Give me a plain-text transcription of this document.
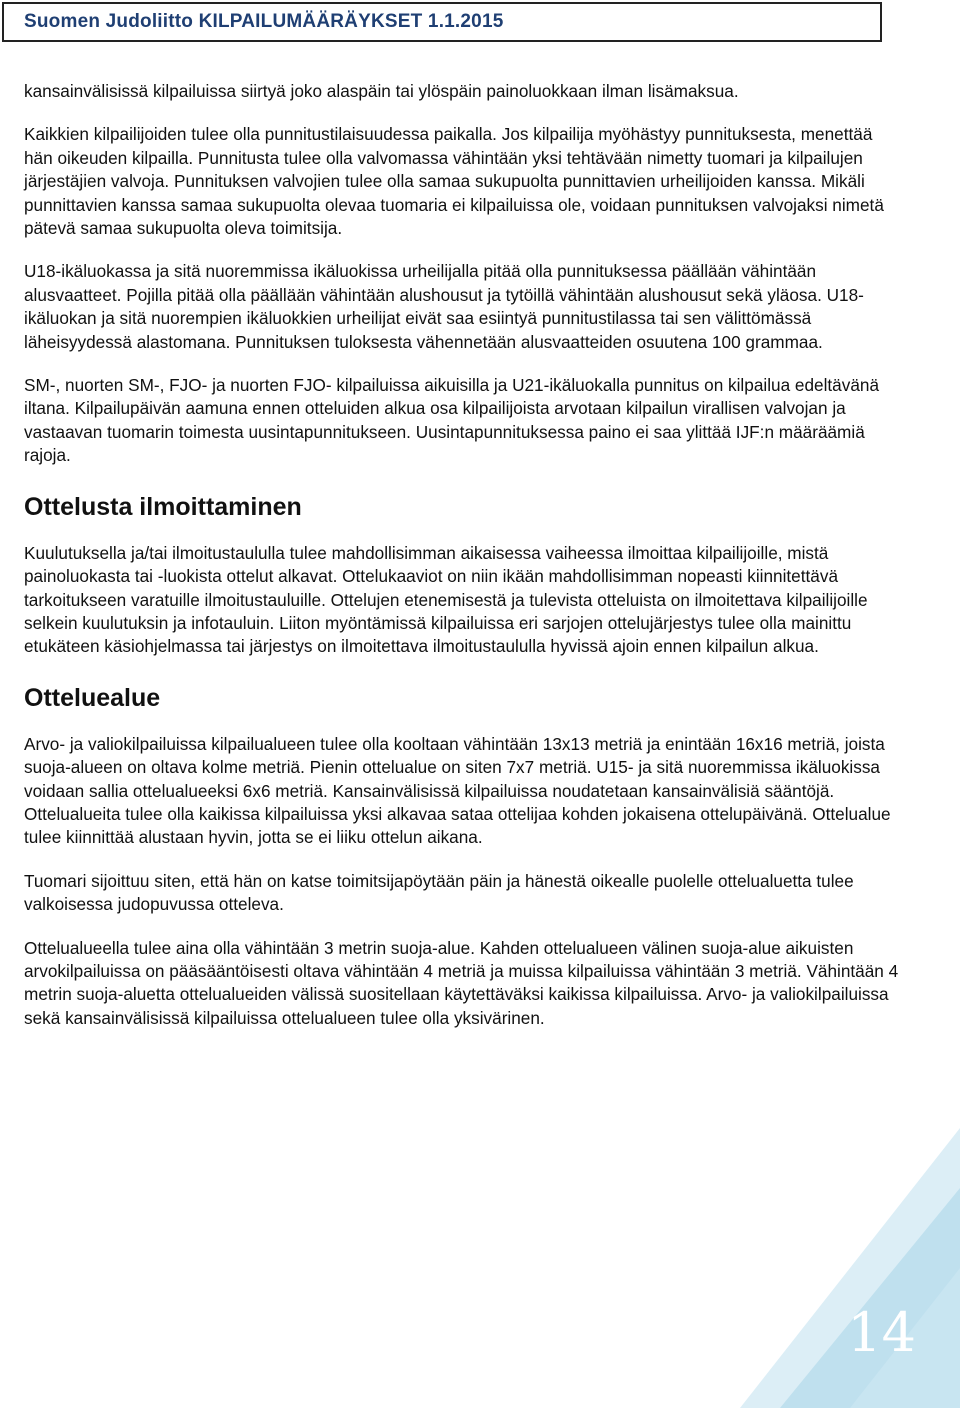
Suomen Judoliitto KILPAILUMÄÄRÄYKSET 1.1.2015

kansainvälisissä kilpailuissa siirtyä joko alaspäin tai ylöspäin painoluokkaan ilman lisämaksua.

Kaikkien kilpailijoiden tulee olla punnitustilaisuudessa paikalla. Jos kilpailija myöhästyy punnituksesta, menettää hän oikeuden kilpailla. Punnitusta tulee olla valvomassa vähintään yksi tehtävään nimetty tuomari ja kilpailujen järjestäjien valvoja. Punnituksen valvojien tulee olla samaa sukupuolta punnittavien urheilijoiden kanssa. Mikäli punnittavien kanssa samaa sukupuolta olevaa tuomaria ei kilpailuissa ole, voidaan punnituksen valvojaksi nimetä pätevä samaa sukupuolta oleva toimitsija.

U18-ikäluokassa ja sitä nuoremmissa ikäluokissa urheilijalla pitää olla punnituksessa päällään vähintään alusvaatteet. Pojilla pitää olla päällään vähintään alushousut ja tytöillä vähintään alushousut sekä yläosa. U18-ikäluokan ja sitä nuorempien ikäluokkien urheilijat eivät saa esiintyä punnitustilassa tai sen välittömässä läheisyydessä alastomana. Punnituksen tuloksesta vähennetään alusvaatteiden osuutena 100 grammaa.

SM-, nuorten SM-, FJO- ja nuorten FJO- kilpailuissa aikuisilla ja U21-ikäluokalla punnitus on kilpailua edeltävänä iltana. Kilpailupäivän aamuna ennen otteluiden alkua osa kilpailijoista arvotaan kilpailun virallisen valvojan ja vastaavan tuomarin toimesta uusintapunnitukseen. Uusintapunnituksessa paino ei saa ylittää IJF:n määräämiä rajoja.

Ottelusta ilmoittaminen

Kuulutuksella ja/tai ilmoitustaululla tulee mahdollisimman aikaisessa vaiheessa ilmoittaa kilpailijoille, mistä painoluokasta tai -luokista ottelut alkavat. Ottelukaaviot on niin ikään mahdollisimman nopeasti kiinnitettävä tarkoitukseen varatuille ilmoitustauluille. Ottelujen etenemisestä ja tulevista otteluista on ilmoitettava kilpailijoille selkein kuulutuksin ja infotauluin. Liiton myöntämissä kilpailuissa eri sarjojen ottelujärjestys tulee olla mainittu etukäteen käsiohjelmassa tai järjestys on ilmoitettava ilmoitustaululla hyvissä ajoin ennen kilpailun alkua.

Otteluealue

Arvo- ja valiokilpailuissa kilpailualueen tulee olla kooltaan vähintään 13x13 metriä ja enintään 16x16 metriä, joista suoja-alueen on oltava kolme metriä. Pienin ottelualue on siten 7x7 metriä. U15- ja sitä nuoremmissa ikäluokissa voidaan sallia ottelualueeksi 6x6 metriä. Kansainvälisissä kilpailuissa noudatetaan kansainvälisiä sääntöjä. Ottelualueita tulee olla kaikissa kilpailuissa yksi alkavaa sataa ottelijaa kohden jokaisena ottelupäivänä. Ottelualue tulee kiinnittää alustaan hyvin, jotta se ei liiku ottelun aikana.

Tuomari sijoittuu siten, että hän on katse toimitsijapöytään päin ja hänestä oikealle puolelle ottelualuetta tulee valkoisessa judopuvussa otteleva.

Ottelualueella tulee aina olla vähintään 3 metrin suoja-alue. Kahden ottelualueen välinen suoja-alue aikuisten arvokilpailuissa on pääsääntöisesti oltava vähintään 4 metriä ja muissa kilpailuissa vähintään 3 metriä. Vähintään 4 metrin suoja-aluetta ottelualueiden välissä suositellaan käytettäväksi kaikissa kilpailuissa. Arvo- ja valiokilpailuissa sekä kansainvälisissä kilpailuissa ottelualueen tulee olla yksivärinen.

14
